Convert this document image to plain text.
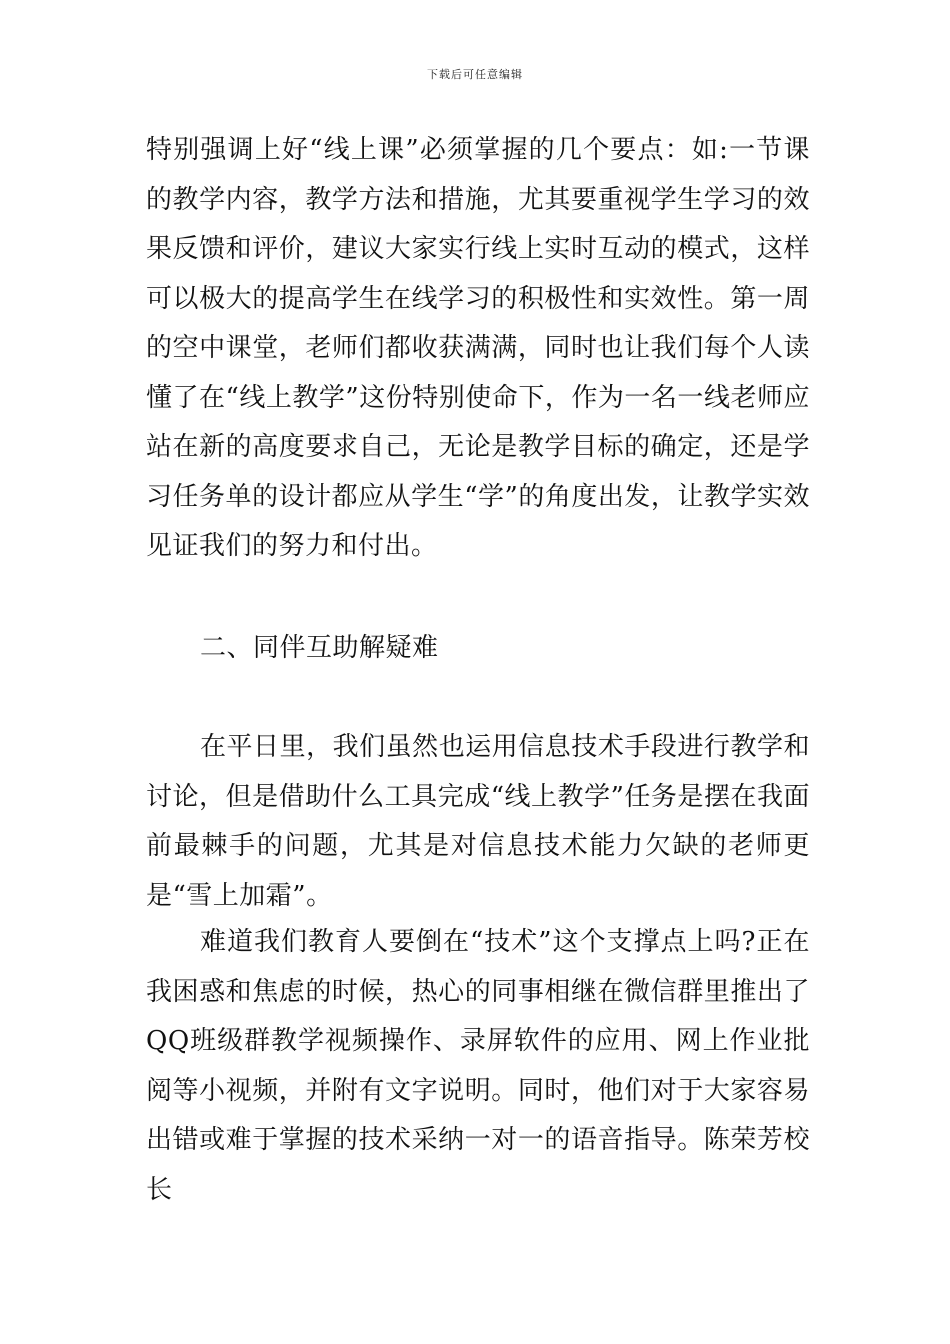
下载后可任意编辑

特别强调上好“线上课”必须掌握的几个要点：如:一节课的教学内容，教学方法和措施，尤其要重视学生学习的效果反馈和评价，建议大家实行线上实时互动的模式，这样可以极大的提高学生在线学习的积极性和实效性。第一周的空中课堂，老师们都收获满满，同时也让我们每个人读懂了在“线上教学”这份特别使命下，作为一名一线老师应站在新的高度要求自己，无论是教学目标的确定，还是学习任务单的设计都应从学生“学”的角度出发，让教学实效见证我们的努力和付出。

二、同伴互助解疑难

在平日里，我们虽然也运用信息技术手段进行教学和讨论，但是借助什么工具完成“线上教学”任务是摆在我面前最棘手的问题，尤其是对信息技术能力欠缺的老师更是“雪上加霜”。

难道我们教育人要倒在“技术”这个支撑点上吗?正在我困惑和焦虑的时候，热心的同事相继在微信群里推出了QQ班级群教学视频操作、录屏软件的应用、网上作业批阅等小视频，并附有文字说明。同时，他们对于大家容易出错或难于掌握的技术采纳一对一的语音指导。陈荣芳校长
